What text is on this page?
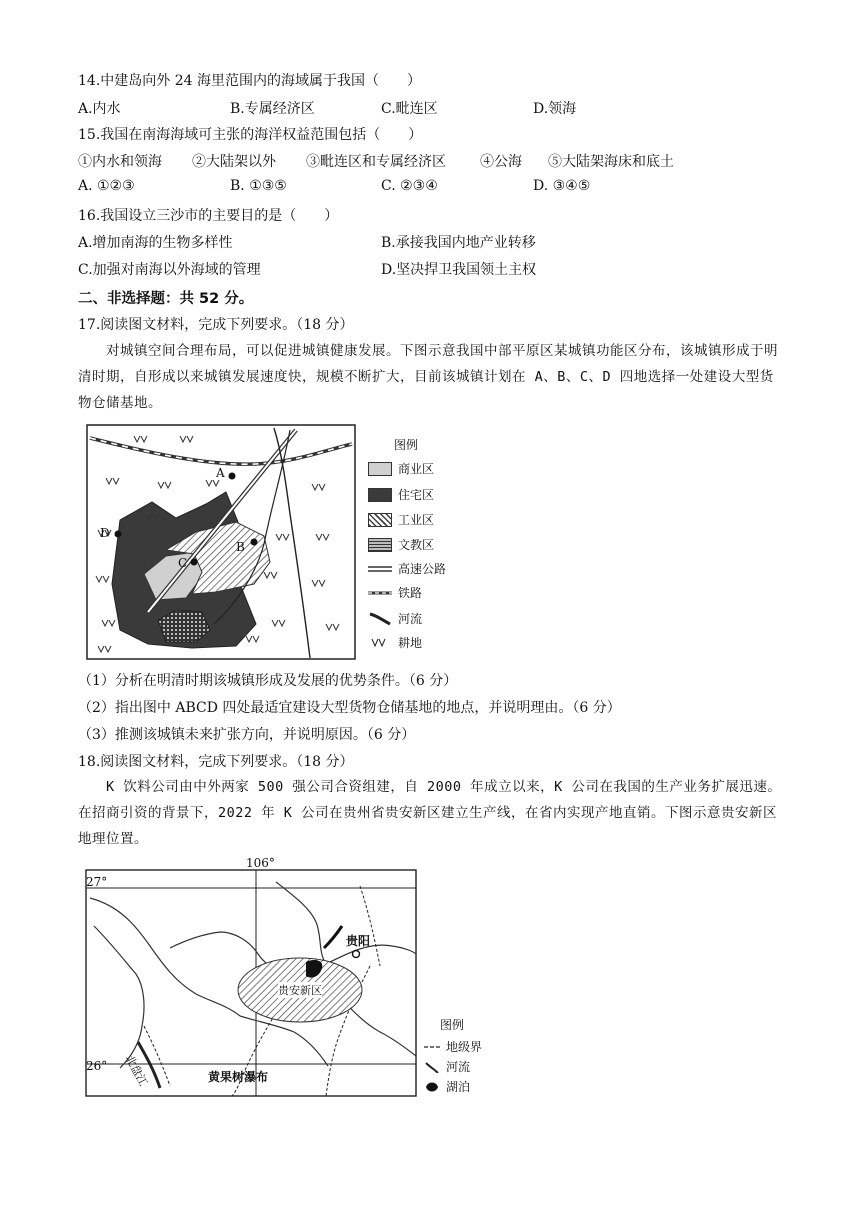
14.中建岛向外 24 海里范围内的海域属于我国（　　）
A.内水	B.专属经济区	C.毗连区	D.领海
15.我国在南海海域可主张的海洋权益范围包括（　　）
①内水和领海 ②大陆架以外 ③毗连区和专属经济区 ④公海 ⑤大陆架海床和底土
A. ①②③	B. ①③⑤	C. ②③④	D. ③④⑤
16.我国设立三沙市的主要目的是（　　）
A.增加南海的生物多样性	B.承接我国内地产业转移
C.加强对南海以外海域的管理	D.坚决捍卫我国领土主权
二、非选择题：共 52 分。
17.阅读图文材料，完成下列要求。（18 分）
对城镇空间合理布局，可以促进城镇健康发展。下图示意我国中部平原区某城镇功能区分布，该城镇形成于明清时期，自形成以来城镇发展速度快，规模不断扩大，目前该城镇计划在 A、B、C、D 四地选择一处建设大型货物仓储基地。
A
B
C
D
图例
商业区
住宅区
工业区
文教区
高速公路
铁路
河流
耕地
（1）分析在明清时期该城镇形成及发展的优势条件。（6 分）
（2）指出图中 ABCD 四处最适宜建设大型货物仓储基地的地点，并说明理由。（6 分）
（3）推测该城镇未来扩张方向，并说明原因。（6 分）
18.阅读图文材料，完成下列要求。（18 分）
K 饮料公司由中外两家 500 强公司合资组建，自 2000 年成立以来，K 公司在我国的生产业务扩展迅速。在招商引资的背景下，2022 年 K 公司在贵州省贵安新区建立生产线，在省内实现产地直销。下图示意贵安新区地理位置。
106°
27°
26°
贵阳
贵安新区
北盘江	黄果树瀑布
图例
地级界
河流
湖泊
